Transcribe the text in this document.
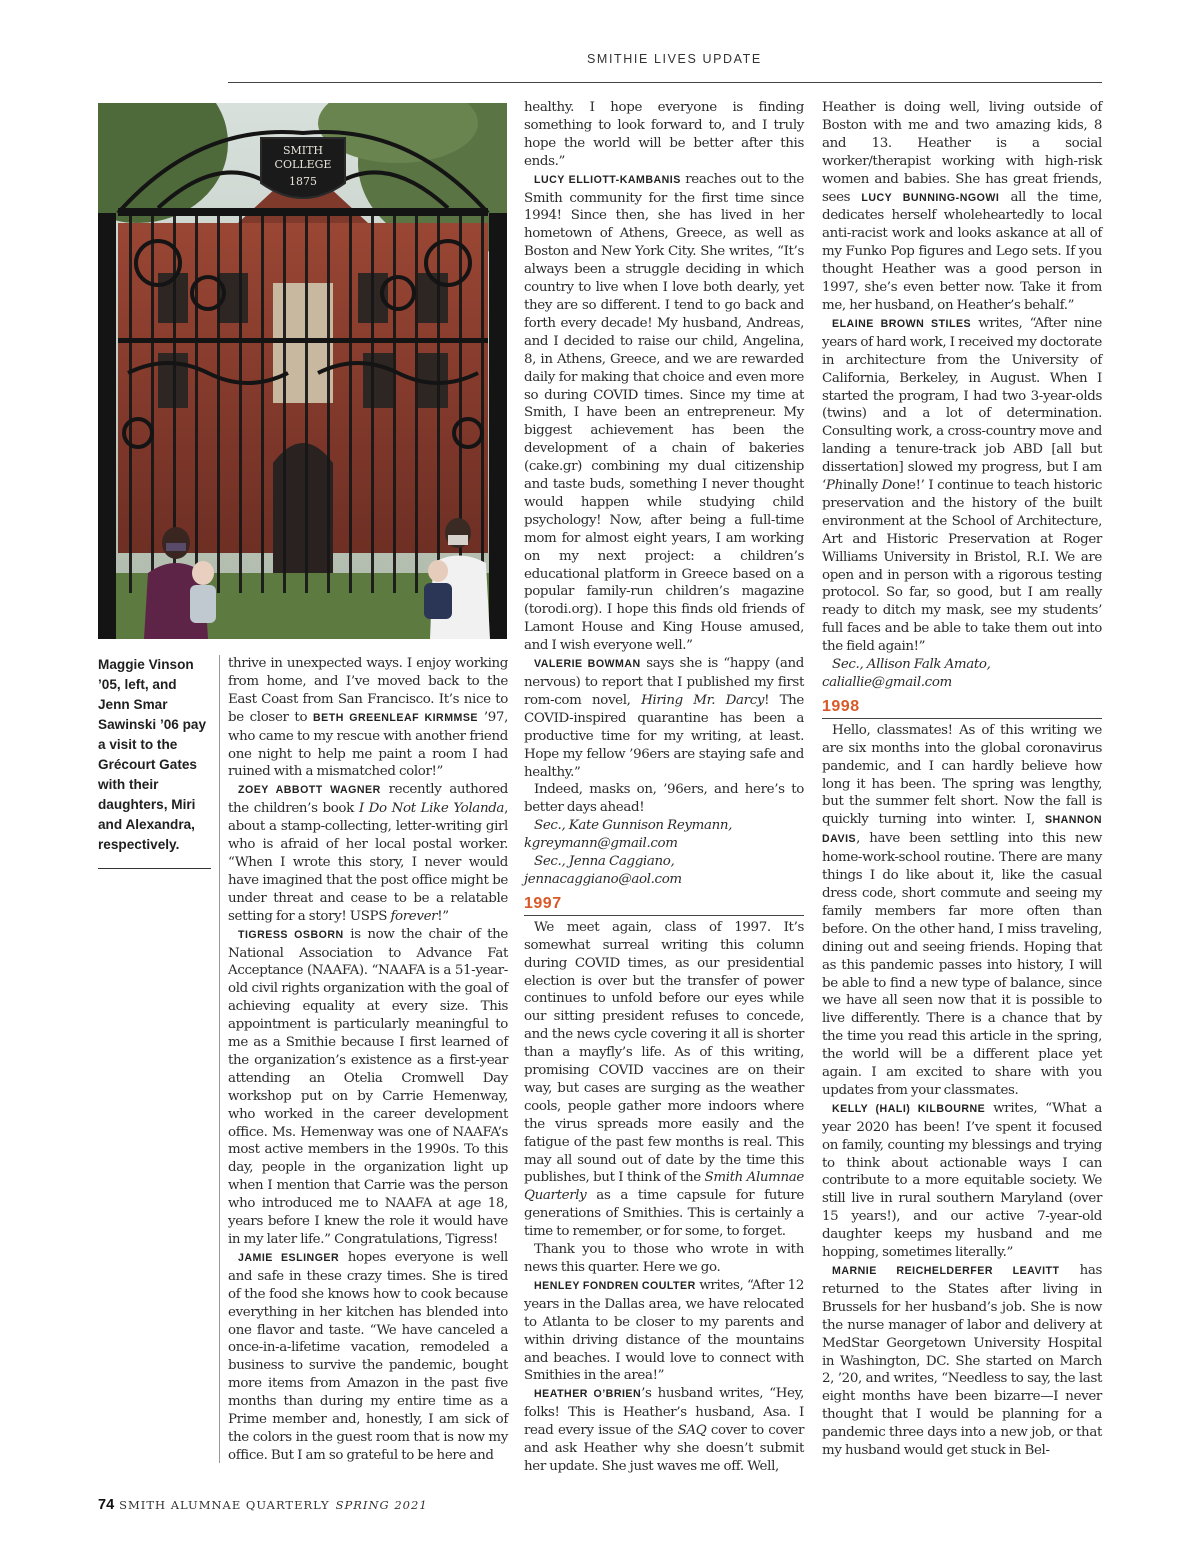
SMITHIE LIVES UPDATE
SMITH
COLLEGE
1875
Maggie Vinson ’05, left, and Jenn Smar Sawinski ’06 pay a visit to the Grécourt Gates with their daughters, Miri and Alexandra, respectively.

thrive in unexpected ways. I enjoy working from home, and I’ve moved back to the East Coast from San Francisco. It’s nice to be closer to BETH GREENLEAF KIRMMSE ’97, who came to my rescue with another friend one night to help me paint a room I had ruined with a mismatched color!”

ZOEY ABBOTT WAGNER recently authored the children’s book I Do Not Like Yolanda, about a stamp-collecting, letter-writing girl who is afraid of her local postal worker. “When I wrote this story, I never would have imagined that the post office might be under threat and cease to be a relatable setting for a story! USPS forever!”

TIGRESS OSBORN is now the chair of the National Association to Advance Fat Acceptance (NAAFA). “NAAFA is a 51-year-old civil rights organization with the goal of achieving equality at every size. This appointment is particularly meaningful to me as a Smithie because I first learned of the organization’s existence as a first-year attending an Otelia Cromwell Day workshop put on by Carrie Hemenway, who worked in the career development office. Ms. Hemenway was one of NAAFA’s most active members in the 1990s. To this day, people in the organization light up when I mention that Carrie was the person who introduced me to NAAFA at age 18, years before I knew the role it would have in my later life.” Congratulations, Tigress!

JAMIE ESLINGER hopes everyone is well and safe in these crazy times. She is tired of the food she knows how to cook because everything in her kitchen has blended into one flavor and taste. “We have canceled a once-in-a-lifetime vacation, remodeled a business to survive the pandemic, bought more items from Amazon in the past five months than during my entire time as a Prime member and, honestly, I am sick of the colors in the guest room that is now my office. But I am so grateful to be here and

healthy. I hope everyone is finding something to look forward to, and I truly hope the world will be better after this ends.”

LUCY ELLIOTT-KAMBANIS reaches out to the Smith community for the first time since 1994! Since then, she has lived in her hometown of Athens, Greece, as well as Boston and New York City. She writes, “It’s always been a struggle deciding in which country to live when I love both dearly, yet they are so different. I tend to go back and forth every decade! My husband, Andreas, and I decided to raise our child, Angelina, 8, in Athens, Greece, and we are rewarded daily for making that choice and even more so during COVID times. Since my time at Smith, I have been an entrepreneur. My biggest achievement has been the development of a chain of bakeries (cake.gr) combining my dual citizenship and taste buds, something I never thought would happen while studying child psychology! Now, after being a full-time mom for almost eight years, I am working on my next project: a children’s educational platform in Greece based on a popular family-run children’s magazine (torodi.org). I hope this finds old friends of Lamont House and King House amused, and I wish everyone well.”

VALERIE BOWMAN says she is “happy (and nervous) to report that I published my first rom-com novel, Hiring Mr. Darcy! The COVID-inspired quarantine has been a productive time for my writing, at least. Hope my fellow ’96ers are staying safe and healthy.”

Indeed, masks on, ’96ers, and here’s to better days ahead!

Sec., Kate Gunnison Reymann,

kgreymann@gmail.com

Sec., Jenna Caggiano,

jennacaggiano@aol.com

1997

We meet again, class of 1997. It’s somewhat surreal writing this column during COVID times, as our presidential election is over but the transfer of power continues to unfold before our eyes while our sitting president refuses to concede, and the news cycle covering it all is shorter than a mayfly’s life. As of this writing, promising COVID vaccines are on their way, but cases are surging as the weather cools, people gather more indoors where the virus spreads more easily and the fatigue of the past few months is real. This may all sound out of date by the time this publishes, but I think of the Smith Alumnae Quarterly as a time capsule for future generations of Smithies. This is certainly a time to remember, or for some, to forget.

Thank you to those who wrote in with news this quarter. Here we go.

HENLEY FONDREN COULTER writes, “After 12 years in the Dallas area, we have relocated to Atlanta to be closer to my parents and within driving distance of the mountains and beaches. I would love to connect with Smithies in the area!”

HEATHER O’BRIEN’s husband writes, “Hey, folks! This is Heather’s husband, Asa. I read every issue of the SAQ cover to cover and ask Heather why she doesn’t submit her update. She just waves me off. Well,

Heather is doing well, living outside of Boston with me and two amazing kids, 8 and 13. Heather is a social worker/therapist working with high-risk women and babies. She has great friends, sees LUCY BUNNING-NGOWI all the time, dedicates herself wholeheartedly to local anti-racist work and looks askance at all of my Funko Pop figures and Lego sets. If you thought Heather was a good person in 1997, she’s even better now. Take it from me, her husband, on Heather’s behalf.”

ELAINE BROWN STILES writes, “After nine years of hard work, I received my doctorate in architecture from the University of California, Berkeley, in August. When I started the program, I had two 3-year-olds (twins) and a lot of determination. Consulting work, a cross-country move and landing a tenure-track job ABD [all but dissertation] slowed my progress, but I am ‘Phinally Done!’ I continue to teach historic preservation and the history of the built environment at the School of Architecture, Art and Historic Preservation at Roger Williams University in Bristol, R.I. We are open and in person with a rigorous testing protocol. So far, so good, but I am really ready to ditch my mask, see my students’ full faces and be able to take them out into the field again!”

Sec., Allison Falk Amato,

caliallie@gmail.com

1998

Hello, classmates! As of this writing we are six months into the global coronavirus pandemic, and I can hardly believe how long it has been. The spring was lengthy, but the summer felt short. Now the fall is quickly turning into winter. I, SHANNON DAVIS, have been settling into this new home-work-school routine. There are many things I do like about it, like the casual dress code, short commute and seeing my family members far more often than before. On the other hand, I miss traveling, dining out and seeing friends. Hoping that as this pandemic passes into history, I will be able to find a new type of balance, since we have all seen now that it is possible to live differently. There is a chance that by the time you read this article in the spring, the world will be a different place yet again. I am excited to share with you updates from your classmates.

KELLY (HALI) KILBOURNE writes, “What a year 2020 has been! I’ve spent it focused on family, counting my blessings and trying to think about actionable ways I can contribute to a more equitable society. We still live in rural southern Maryland (over 15 years!), and our active 7-year-old daughter keeps my husband and me hopping, sometimes literally.”

MARNIE REICHELDERFER LEAVITT has returned to the States after living in Brussels for her husband’s job. She is now the nurse manager of labor and delivery at MedStar Georgetown University Hospital in Washington, DC. She started on March 2, ’20, and writes, “Needless to say, the last eight months have been bizarre—I never thought that I would be planning for a pandemic three days into a new job, or that my husband would get stuck in Bel-

74 SMITH ALUMNAE QUARTERLY SPRING 2021
